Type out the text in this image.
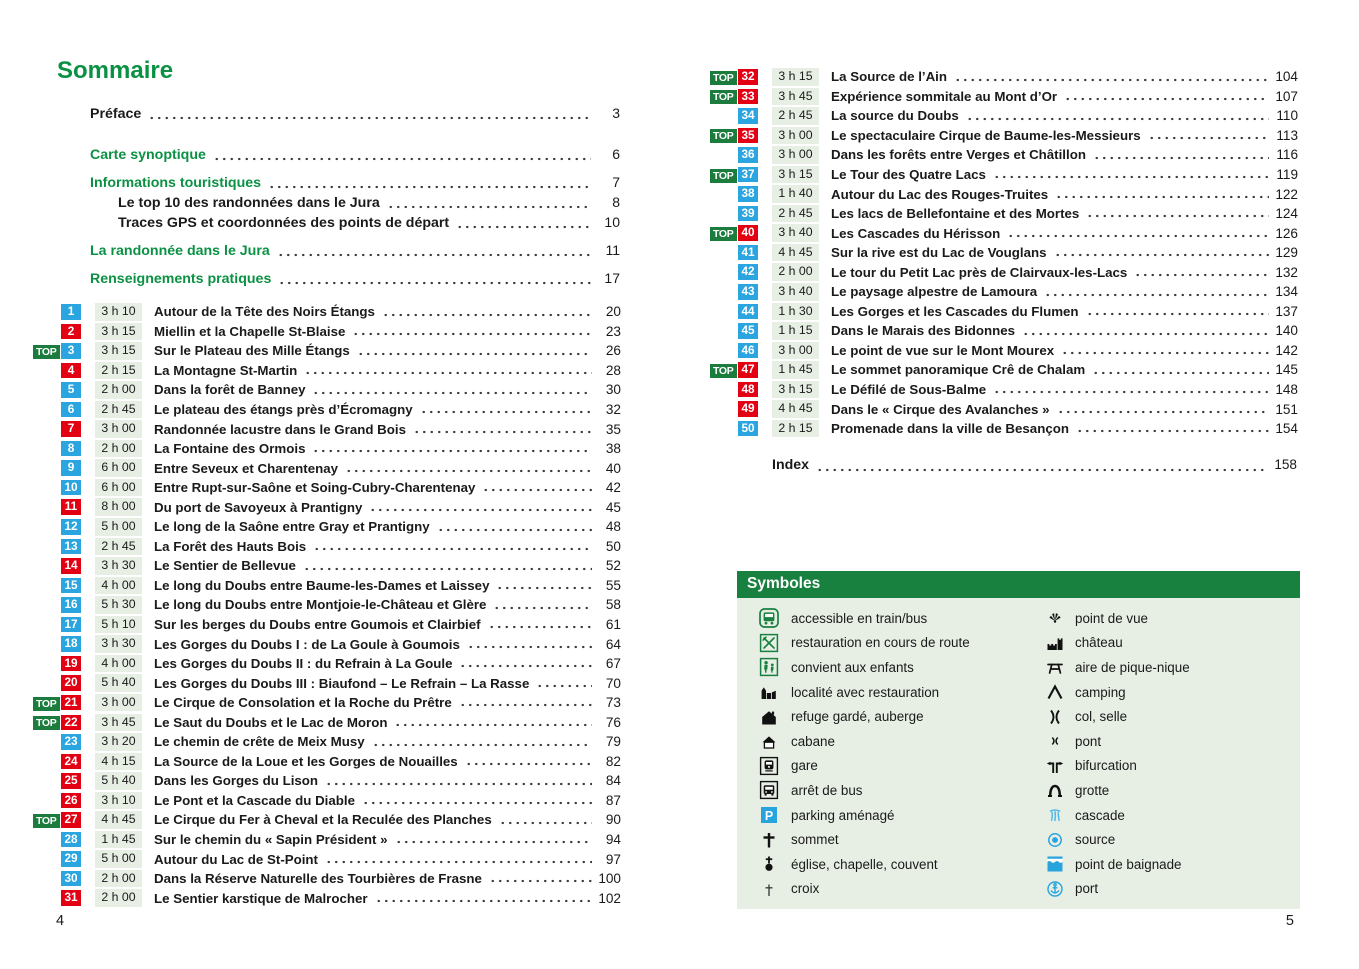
Sommaire
Préface	3
Carte synoptique	6
Informations touristiques	7
Le top 10 des randonnées dans le Jura	8
Traces GPS et coordonnées des points de départ	10
La randonnée dans le Jura	11
Renseignements pratiques	17
1	3 h 10	Autour de la Tête des Noirs Étangs	20
2	3 h 15	Miellin et la Chapelle St-Blaise	23
TOP 3	3 h 15	Sur le Plateau des Mille Étangs	26
4	2 h 15	La Montagne St-Martin	28
5	2 h 00	Dans la forêt de Banney	30
6	2 h 45	Le plateau des étangs près d’Écromagny	32
7	3 h 00	Randonnée lacustre dans le Grand Bois	35
8	2 h 00	La Fontaine des Ormois	38
9	6 h 00	Entre Seveux et Charentenay	40
10	6 h 00	Entre Rupt-sur-Saône et Soing-Cubry-Charentenay	42
11	8 h 00	Du port de Savoyeux à Prantigny	45
12	5 h 00	Le long de la Saône entre Gray et Prantigny	48
13	2 h 45	La Forêt des Hauts Bois	50
14	3 h 30	Le Sentier de Bellevue	52
15	4 h 00	Le long du Doubs entre Baume-les-Dames et Laissey	55
16	5 h 30	Le long du Doubs entre Montjoie-le-Château et Glère	58
17	5 h 10	Sur les berges du Doubs entre Goumois et Clairbief	61
18	3 h 30	Les Gorges du Doubs I : de La Goule à Goumois	64
19	4 h 00	Les Gorges du Doubs II : du Refrain à La Goule	67
20	5 h 40	Les Gorges du Doubs III : Biaufond – Le Refrain – La Rasse	70
TOP 21	3 h 00	Le Cirque de Consolation et la Roche du Prêtre	73
TOP 22	3 h 45	Le Saut du Doubs et le Lac de Moron	76
23	3 h 20	Le chemin de crête de Meix Musy	79
24	4 h 15	La Source de la Loue et les Gorges de Nouailles	82
25	5 h 40	Dans les Gorges du Lison	84
26	3 h 10	Le Pont et la Cascade du Diable	87
TOP 27	4 h 45	Le Cirque du Fer à Cheval et la Reculée des Planches	90
28	1 h 45	Sur le chemin du « Sapin Président »	94
29	5 h 00	Autour du Lac de St-Point	97
30	2 h 00	Dans la Réserve Naturelle des Tourbières de Frasne	100
31	2 h 00	Le Sentier karstique de Malrocher	102
TOP 32	3 h 15	La Source de l’Ain	104
TOP 33	3 h 45	Expérience sommitale au Mont d’Or	107
34	2 h 45	La source du Doubs	110
TOP 35	3 h 00	Le spectaculaire Cirque de Baume-les-Messieurs	113
36	3 h 00	Dans les forêts entre Verges et Châtillon	116
TOP 37	3 h 15	Le Tour des Quatre Lacs	119
38	1 h 40	Autour du Lac des Rouges-Truites	122
39	2 h 45	Les lacs de Bellefontaine et des Mortes	124
TOP 40	3 h 40	Les Cascades du Hérisson	126
41	4 h 45	Sur la rive est du Lac de Vouglans	129
42	2 h 00	Le tour du Petit Lac près de Clairvaux-les-Lacs	132
43	3 h 40	Le paysage alpestre de Lamoura	134
44	1 h 30	Les Gorges et les Cascades du Flumen	137
45	1 h 15	Dans le Marais des Bidonnes	140
46	3 h 00	Le point de vue sur le Mont Mourex	142
TOP 47	1 h 45	Le sommet panoramique Crê de Chalam	145
48	3 h 15	Le Défilé de Sous-Balme	148
49	4 h 45	Dans le « Cirque des Avalanches »	151
50	2 h 15	Promenade dans la ville de Besançon	154
Index	158
Symboles
accessible en train/bus
restauration en cours de route
convient aux enfants
localité avec restauration
refuge gardé, auberge
cabane
gare
arrêt de bus
P parking aménagé
sommet
église, chapelle, couvent
croix
point de vue
château
aire de pique-nique
camping
col, selle
pont
bifurcation
grotte
cascade
source
point de baignade
port
4	5
